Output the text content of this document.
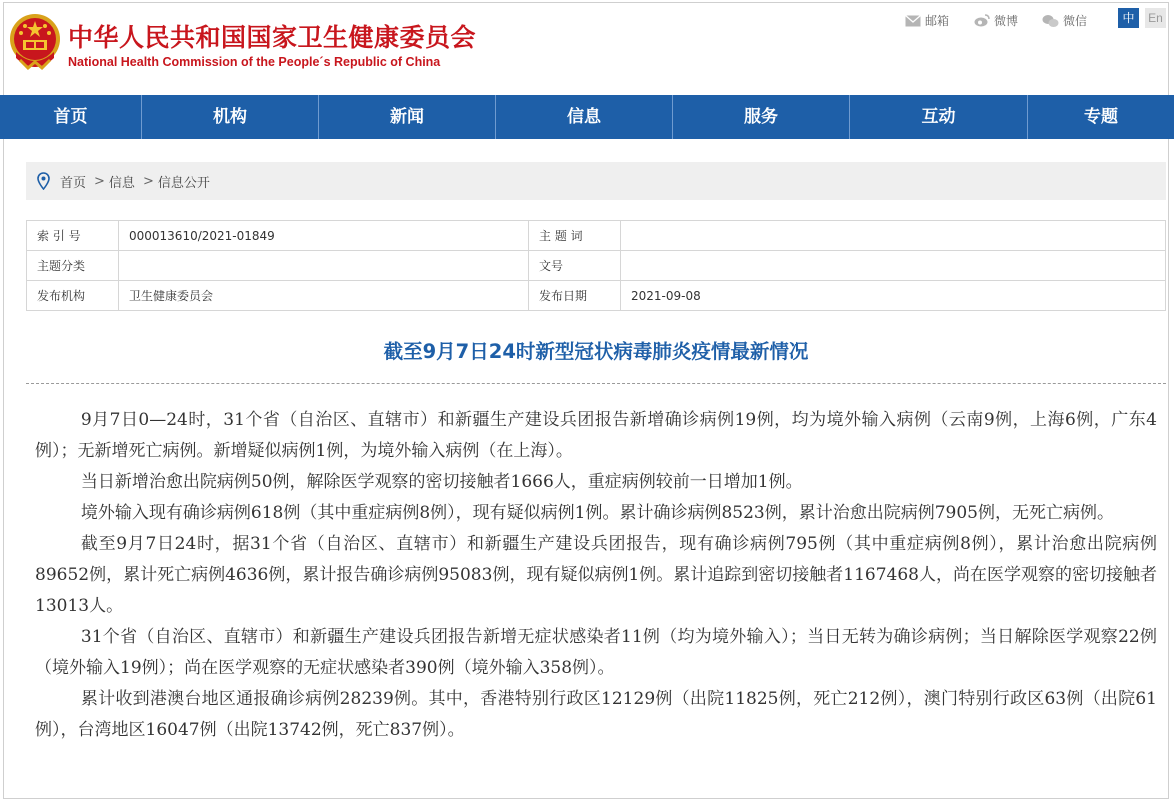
中华人民共和国国家卫生健康委员会
National Health Commission of the People´s Republic of China
邮箱	微博	微信	中	En
首页	机构	新闻	信息	服务	互动	专题
首页 > 信息 > 信息公开
索 引 号	000013610/2021-01849	主 题 词	
主题分类		文号	
发布机构	卫生健康委员会	发布日期	2021-09-08
截至9月7日24时新型冠状病毒肺炎疫情最新情况

9月7日0—24时，31个省（自治区、直辖市）和新疆生产建设兵团报告新增确诊病例19例，均为境外输入病例（云南9例，上海6例，广东4例）；无新增死亡病例。新增疑似病例1例，为境外输入病例（在上海）。

当日新增治愈出院病例50例，解除医学观察的密切接触者1666人，重症病例较前一日增加1例。

境外输入现有确诊病例618例（其中重症病例8例），现有疑似病例1例。累计确诊病例8523例，累计治愈出院病例7905例，无死亡病例。

截至9月7日24时，据31个省（自治区、直辖市）和新疆生产建设兵团报告，现有确诊病例795例（其中重症病例8例），累计治愈出院病例89652例，累计死亡病例4636例，累计报告确诊病例95083例，现有疑似病例1例。累计追踪到密切接触者1167468人，尚在医学观察的密切接触者13013人。

31个省（自治区、直辖市）和新疆生产建设兵团报告新增无症状感染者11例（均为境外输入）；当日无转为确诊病例；当日解除医学观察22例（境外输入19例）；尚在医学观察的无症状感染者390例（境外输入358例）。

累计收到港澳台地区通报确诊病例28239例。其中，香港特别行政区12129例（出院11825例，死亡212例），澳门特别行政区63例（出院61例），台湾地区16047例（出院13742例，死亡837例）。
